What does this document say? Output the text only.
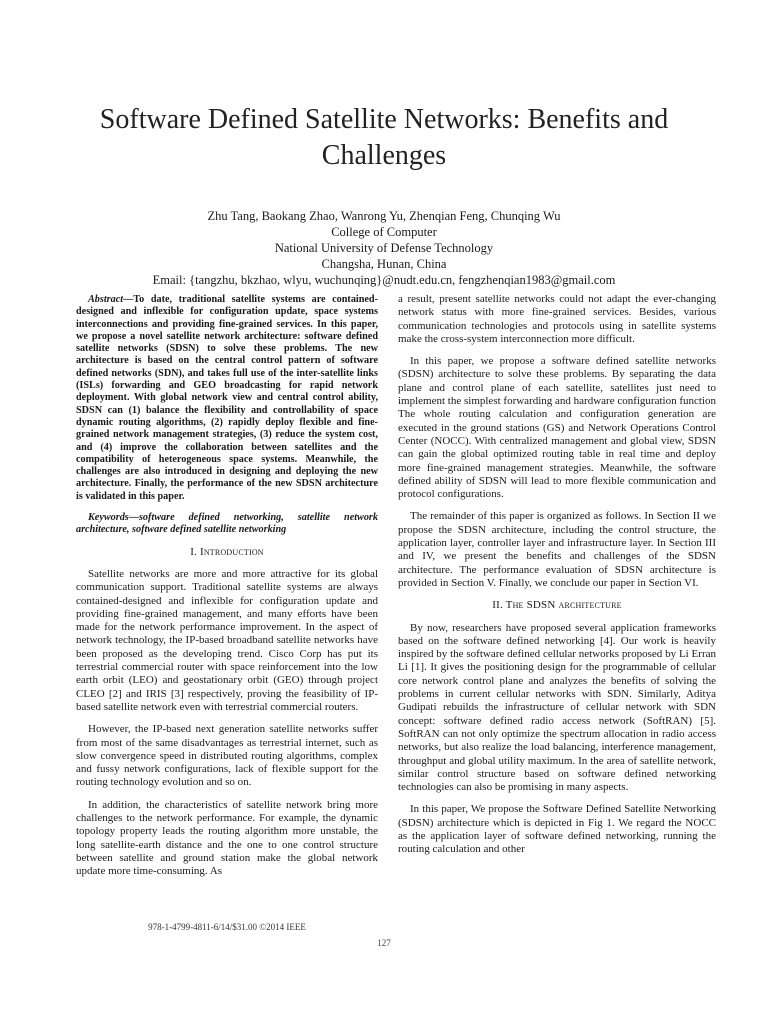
Software Defined Satellite Networks: Benefits and Challenges
Zhu Tang, Baokang Zhao, Wanrong Yu, Zhenqian Feng, Chunqing Wu
College of Computer
National University of Defense Technology
Changsha, Hunan, China
Email: {tangzhu, bkzhao, wlyu, wuchunqing}@nudt.edu.cn, fengzhenqian1983@gmail.com

Abstract—To date, traditional satellite systems are contained-designed and inflexible for configuration update, space systems interconnections and providing fine-grained services. In this paper, we propose a novel satellite network architecture: software defined satellite networks (SDSN) to solve these problems. The new architecture is based on the central control pattern of software defined networks (SDN), and takes full use of the inter-satellite links (ISLs) forwarding and GEO broadcasting for rapid network deployment. With global network view and central control ability, SDSN can (1) balance the flexibility and controllability of space dynamic routing algorithms, (2) rapidly deploy flexible and fine-grained network management strategies, (3) reduce the system cost, and (4) improve the collaboration between satellites and the compatibility of heterogeneous space systems. Meanwhile, the challenges are also introduced in designing and deploying the new architecture. Finally, the performance of the new SDSN architecture is validated in this paper.

Keywords—software defined networking, satellite network architecture, software defined satellite networking

I. Introduction

Satellite networks are more and more attractive for its global communication support. Traditional satellite systems are always contained-designed and inflexible for configuration update and providing fine-grained management, and many efforts have been made for the network performance improvement. In the aspect of network technology, the IP-based broadband satellite networks have been proposed as the developing trend. Cisco Corp has put its terrestrial commercial router with space reinforcement into the low earth orbit (LEO) and geostationary orbit (GEO) through project CLEO [2] and IRIS [3] respectively, proving the feasibility of IP-based satellite network even with terrestrial commercial routers.

However, the IP-based next generation satellite networks suffer from most of the same disadvantages as terrestrial internet, such as slow convergence speed in distributed routing algorithms, complex and fussy network configurations, lack of flexible support for the routing technology evolution and so on.

In addition, the characteristics of satellite network bring more challenges to the network performance. For example, the dynamic topology property leads the routing algorithm more unstable, the long satellite-earth distance and the one to one control structure between satellite and ground station make the global network update more time-consuming. As

a result, present satellite networks could not adapt the ever-changing network status with more fine-grained services. Besides, various communication technologies and protocols using in satellite systems make the cross-system interconnection more difficult.

In this paper, we propose a software defined satellite networks (SDSN) architecture to solve these problems. By separating the data plane and control plane of each satellite, satellites just need to implement the simplest forwarding and hardware configuration function The whole routing calculation and configuration generation are executed in the ground stations (GS) and Network Operations Control Center (NOCC). With centralized management and global view, SDSN can gain the global optimized routing table in real time and deploy more fine-grained management strategies. Meanwhile, the software defined ability of SDSN will lead to more flexible communication and protocol configurations.

The remainder of this paper is organized as follows. In Section II we propose the SDSN architecture, including the control structure, the application layer, controller layer and infrastructure layer. In Section III and IV, we present the benefits and challenges of the SDSN architecture. The performance evaluation of SDSN architecture is provided in Section V. Finally, we conclude our paper in Section VI.

II. The SDSN architecture

By now, researchers have proposed several application frameworks based on the software defined networking [4]. Our work is heavily inspired by the software defined cellular networks proposed by Li Erran Li [1]. It gives the positioning design for the programmable of cellular core network control plane and analyzes the benefits of solving the problems in current cellular networks with SDN. Similarly, Aditya Gudipati rebuilds the infrastructure of cellular network with SDN concept: software defined radio access network (SoftRAN) [5]. SoftRAN can not only optimize the spectrum allocation in radio access networks, but also realize the load balancing, interference management, throughput and global utility maximum. In the area of satellite network, similar control structure based on software defined networking technologies can also be promising in many aspects.

In this paper, We propose the Software Defined Satellite Networking (SDSN) architecture which is depicted in Fig 1. We regard the NOCC as the application layer of software defined networking, running the routing calculation and other

978-1-4799-4811-6/14/$31.00 ©2014 IEEE
127
